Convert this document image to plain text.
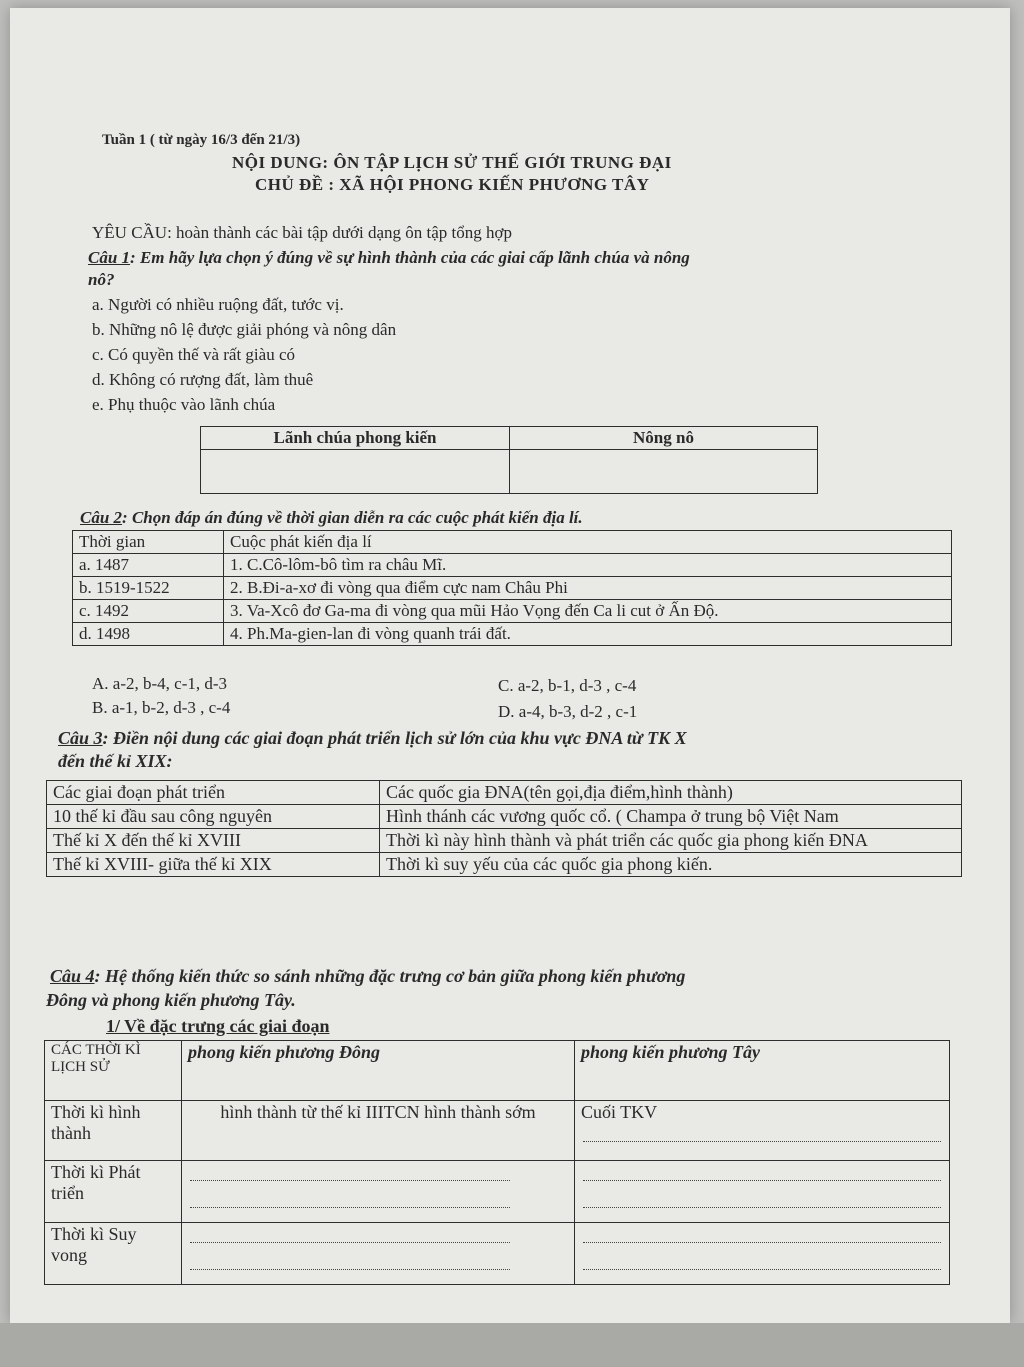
Tuần 1 ( từ ngày 16/3 đến 21/3)
NỘI DUNG: ÔN TẬP LỊCH SỬ THẾ GIỚI TRUNG ĐẠI
CHỦ ĐỀ : XÃ HỘI PHONG KIẾN PHƯƠNG TÂY
YÊU CẦU: hoàn thành các bài tập dưới dạng ôn tập tổng hợp
Câu 1: Em hãy lựa chọn ý đúng về sự hình thành của các giai cấp lãnh chúa và nông
nô?
a. Người có nhiều ruộng đất, tước vị.
b. Những nô lệ được giải phóng và nông dân
c. Có quyền thế và rất giàu có
d. Không có rượng đất, làm thuê
e. Phụ thuộc vào lãnh chúa
Lãnh chúa phong kiến	Nông nô

Câu 2: Chọn đáp án đúng về thời gian diễn ra các cuộc phát kiến địa lí.
Thời gian	Cuộc phát kiến địa lí
a. 1487	1. C.Cô-lôm-bô tìm ra châu Mĩ.
b. 1519-1522	2. B.Đi-a-xơ đi vòng qua điểm cực nam Châu Phi
c. 1492	3. Va-Xcô đơ Ga-ma đi vòng qua mũi Hảo Vọng đến Ca li cut ở Ấn Độ.
d. 1498	4. Ph.Ma-gien-lan đi vòng quanh trái đất.
A. a-2, b-4, c-1, d-3	C. a-2, b-1, d-3 , c-4
B. a-1, b-2, d-3 , c-4	D. a-4, b-3, d-2 , c-1
Câu 3: Điền nội dung các giai đoạn phát triển lịch sử lớn của khu vực ĐNA từ TK X
đến thế kỉ XIX:
Các giai đoạn phát triển	Các quốc gia ĐNA(tên gọi,địa điểm,hình thành)
10 thế kỉ đầu sau công nguyên	Hình thánh các vương quốc cổ. ( Champa ở trung bộ Việt Nam
Thế kỉ X đến thế kỉ XVIII	Thời kì này hình thành và phát triển các quốc gia phong kiến ĐNA
Thế kỉ XVIII- giữa thế kỉ XIX	Thời kì suy yếu của các quốc gia phong kiến.
Câu 4: Hệ thống kiến thức so sánh những đặc trưng cơ bản giữa phong kiến phương
Đông và phong kiến phương Tây.
1/ Về đặc trưng các giai đoạn
CÁC THỜI KÌ LỊCH SỬ	phong kiến phương Đông	phong kiến phương Tây
Thời kì hình thành	hình thành từ thế kỉ IIITCN hình thành sớm	Cuối TKV

Thời kì Phát triển	

Thời kì Suy vong	
